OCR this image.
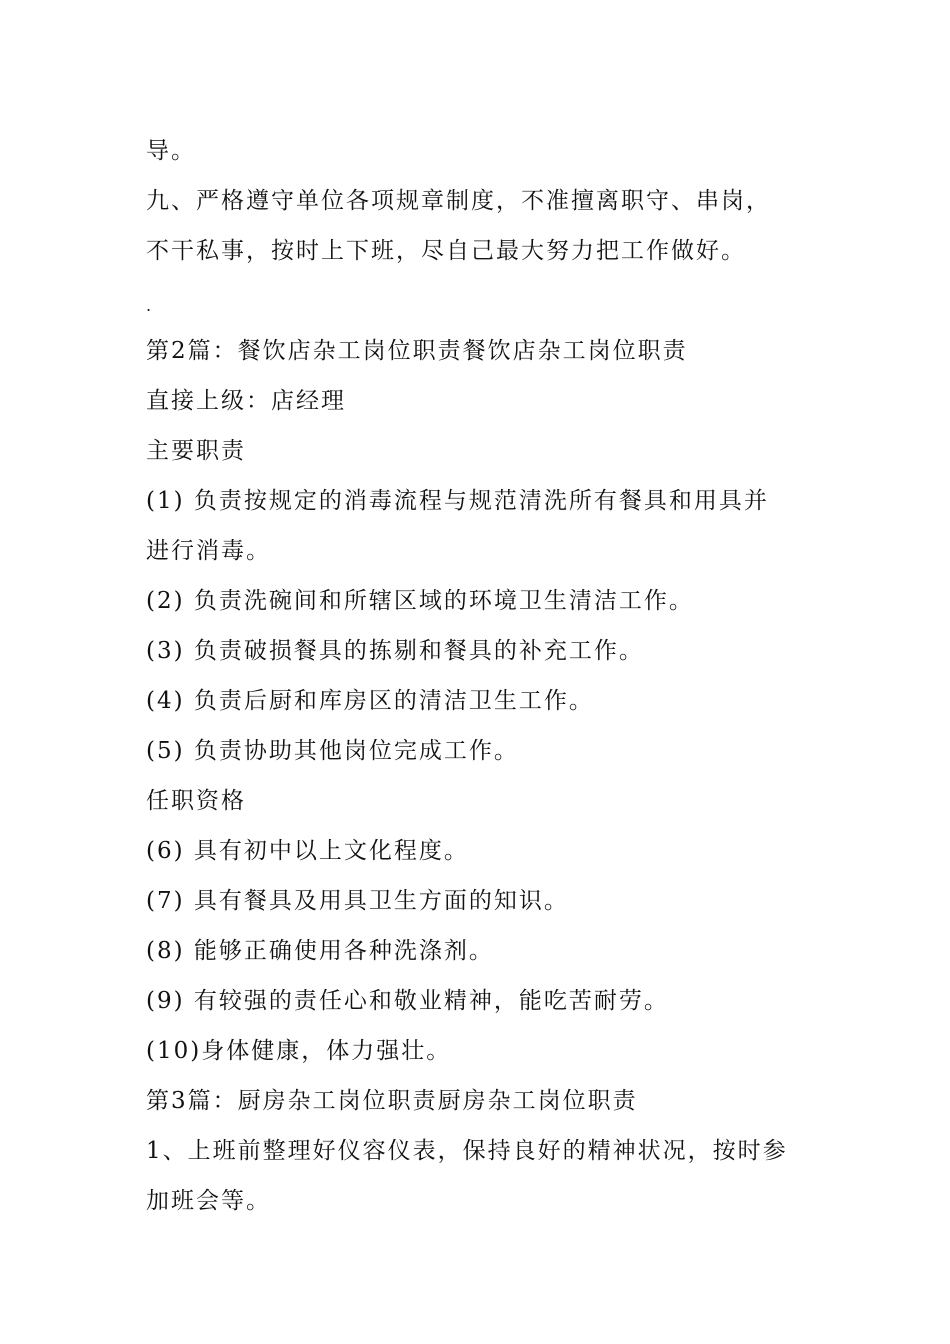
导。
九、严格遵守单位各项规章制度，不准擅离职守、串岗，
不干私事，按时上下班，尽自己最大努力把工作做好。
.
第2篇：餐饮店杂工岗位职责餐饮店杂工岗位职责
直接上级：店经理
主要职责
(1) 负责按规定的消毒流程与规范清洗所有餐具和用具并
进行消毒。
(2) 负责洗碗间和所辖区域的环境卫生清洁工作。
(3) 负责破损餐具的拣剔和餐具的补充工作。
(4) 负责后厨和库房区的清洁卫生工作。
(5) 负责协助其他岗位完成工作。
任职资格
(6) 具有初中以上文化程度。
(7) 具有餐具及用具卫生方面的知识。
(8) 能够正确使用各种洗涤剂。
(9) 有较强的责任心和敬业精神，能吃苦耐劳。
(10)身体健康，体力强壮。
第3篇：厨房杂工岗位职责厨房杂工岗位职责
1、上班前整理好仪容仪表，保持良好的精神状况，按时参
加班会等。
